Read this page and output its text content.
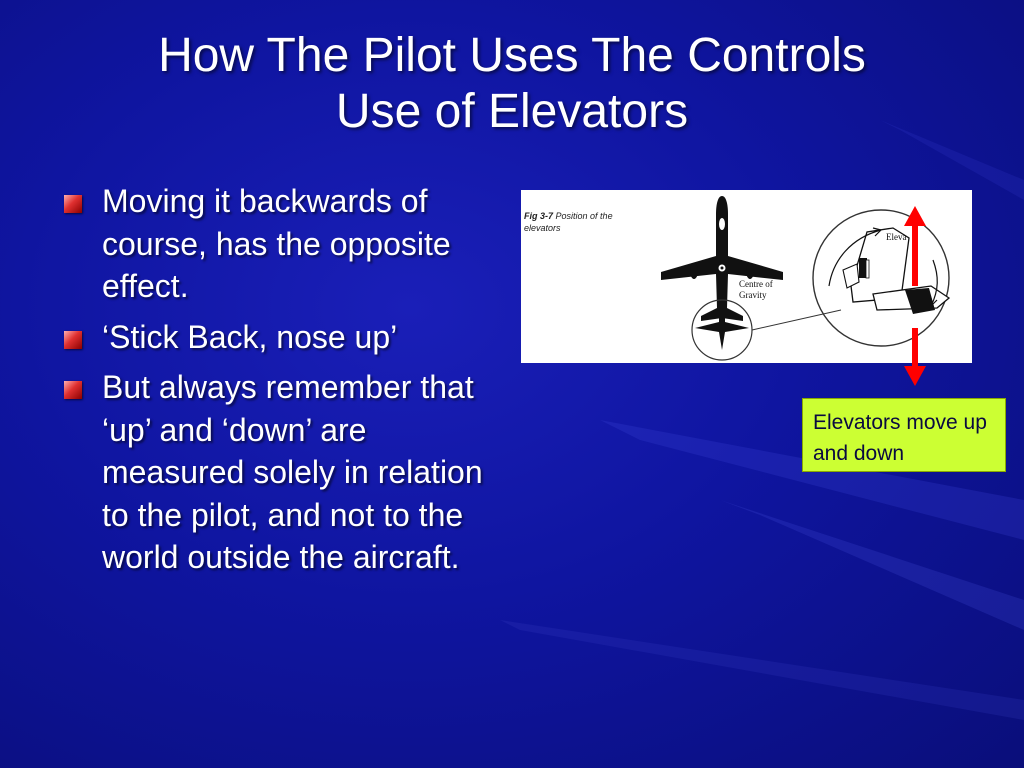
How The Pilot Uses The Controls
Use of Elevators
Moving it backwards of course, has the opposite effect.
‘Stick Back, nose up’
But always remember that ‘up’ and ‘down’ are measured solely in relation to the pilot, and not to the world outside the aircraft.
Fig 3-7 Position of the elevators
Centre of
Gravity
Eleva
Elevators move up and down
